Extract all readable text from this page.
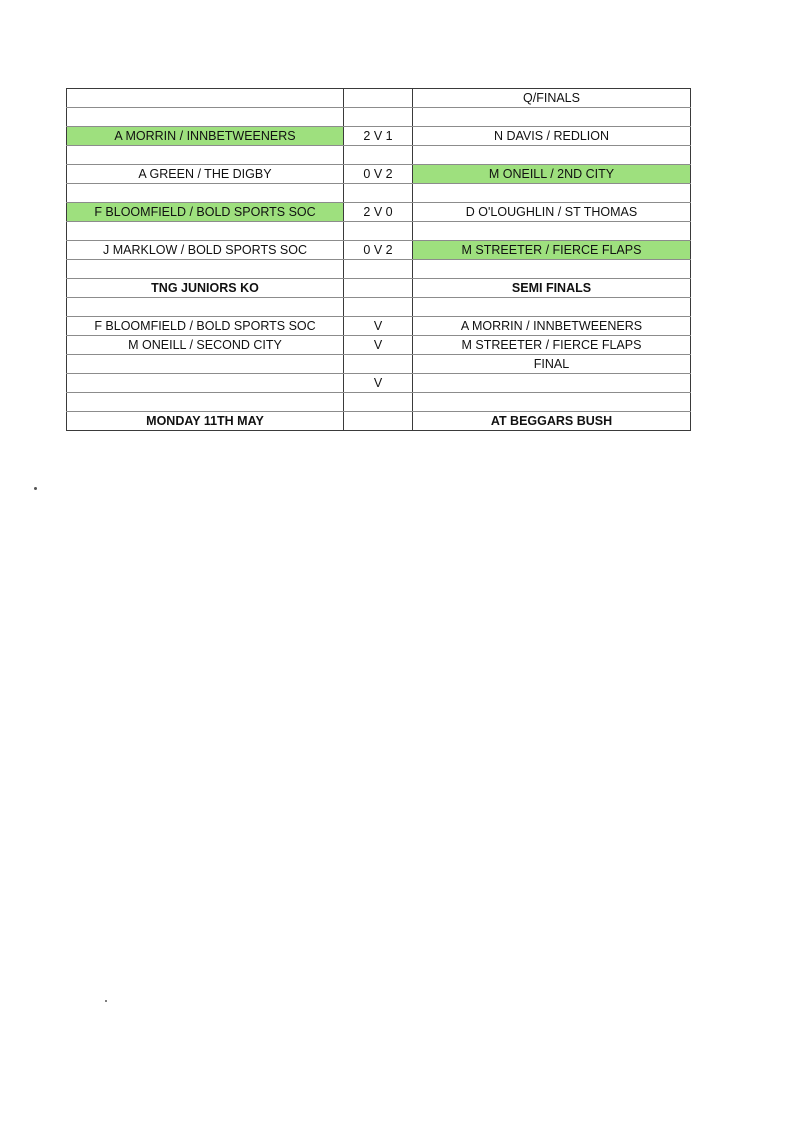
		Q/FINALS

A MORRIN / INNBETWEENERS	2 V 1	N DAVIS / REDLION

A GREEN / THE DIGBY	0 V 2	M ONEILL / 2ND CITY

F BLOOMFIELD / BOLD SPORTS SOC	2 V 0	D O'LOUGHLIN / ST THOMAS

J MARKLOW / BOLD SPORTS SOC	0 V 2	M STREETER / FIERCE FLAPS

TNG JUNIORS KO		SEMI FINALS

F BLOOMFIELD / BOLD SPORTS SOC	V	A MORRIN / INNBETWEENERS
M ONEILL / SECOND CITY	V	M STREETER / FIERCE FLAPS
		FINAL
	V	

MONDAY 11TH MAY		AT BEGGARS BUSH
